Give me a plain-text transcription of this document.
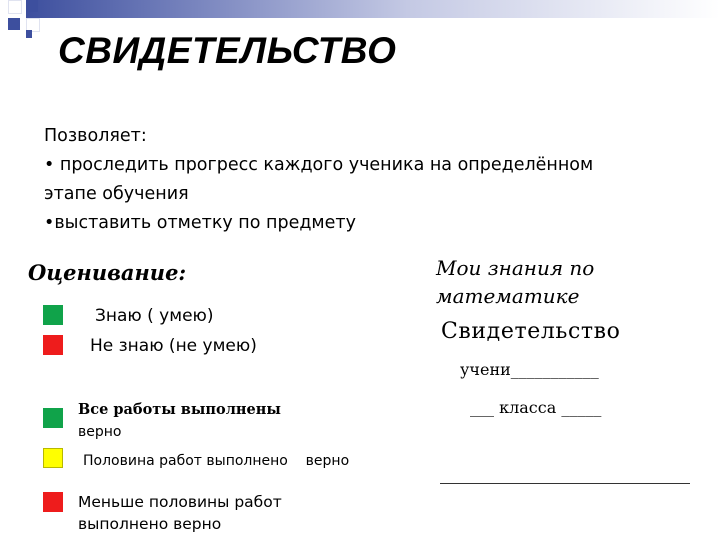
СВИДЕТЕЛЬСТВО
Позволяет:
• проследить прогресс каждого ученика на определённом
этапе обучения
•выставить отметку по предмету
Оценивание:
Знаю ( умею)
Не знаю (не умею)
Все работы выполнены
верно
Половина работ выполнено    верно
Меньше половины работ
выполнено верно
Мои знания по
математике
Свидетельство
учени___________
___ класса _____
